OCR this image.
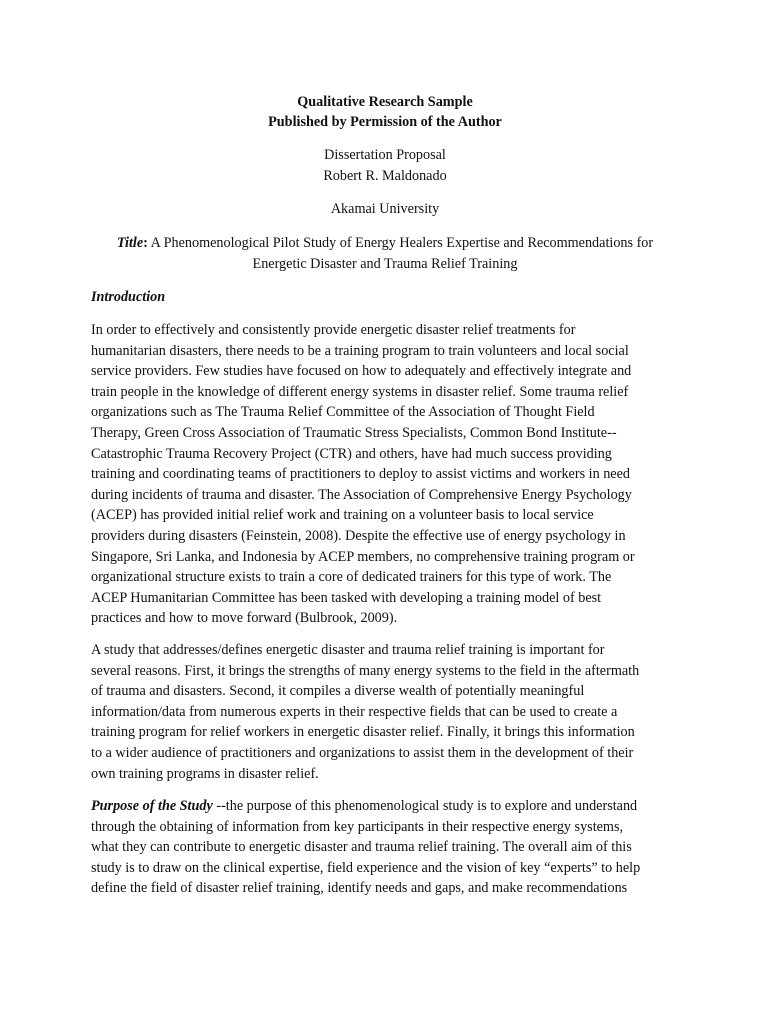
Qualitative Research Sample
Published by Permission of the Author
Dissertation Proposal
Robert R. Maldonado
Akamai University
Title: A Phenomenological Pilot Study of Energy Healers Expertise and Recommendations for
Energetic Disaster and Trauma Relief Training
Introduction

In order to effectively and consistently provide energetic disaster relief treatments for
humanitarian disasters, there needs to be a training program to train volunteers and local social
service providers. Few studies have focused on how to adequately and effectively integrate and
train people in the knowledge of different energy systems in disaster relief. Some trauma relief
organizations such as The Trauma Relief Committee of the Association of Thought Field
Therapy, Green Cross Association of Traumatic Stress Specialists, Common Bond Institute--
Catastrophic Trauma Recovery Project (CTR) and others, have had much success providing
training and coordinating teams of practitioners to deploy to assist victims and workers in need
during incidents of trauma and disaster. The Association of Comprehensive Energy Psychology
(ACEP) has provided initial relief work and training on a volunteer basis to local service
providers during disasters (Feinstein, 2008). Despite the effective use of energy psychology in
Singapore, Sri Lanka, and Indonesia by ACEP members, no comprehensive training program or
organizational structure exists to train a core of dedicated trainers for this type of work. The
ACEP Humanitarian Committee has been tasked with developing a training model of best
practices and how to move forward (Bulbrook, 2009).

A study that addresses/defines energetic disaster and trauma relief training is important for
several reasons. First, it brings the strengths of many energy systems to the field in the aftermath
of trauma and disasters. Second, it compiles a diverse wealth of potentially meaningful
information/data from numerous experts in their respective fields that can be used to create a
training program for relief workers in energetic disaster relief. Finally, it brings this information
to a wider audience of practitioners and organizations to assist them in the development of their
own training programs in disaster relief.

Purpose of the Study --the purpose of this phenomenological study is to explore and understand
through the obtaining of information from key participants in their respective energy systems,
what they can contribute to energetic disaster and trauma relief training. The overall aim of this
study is to draw on the clinical expertise, field experience and the vision of key “experts” to help
define the field of disaster relief training, identify needs and gaps, and make recommendations
